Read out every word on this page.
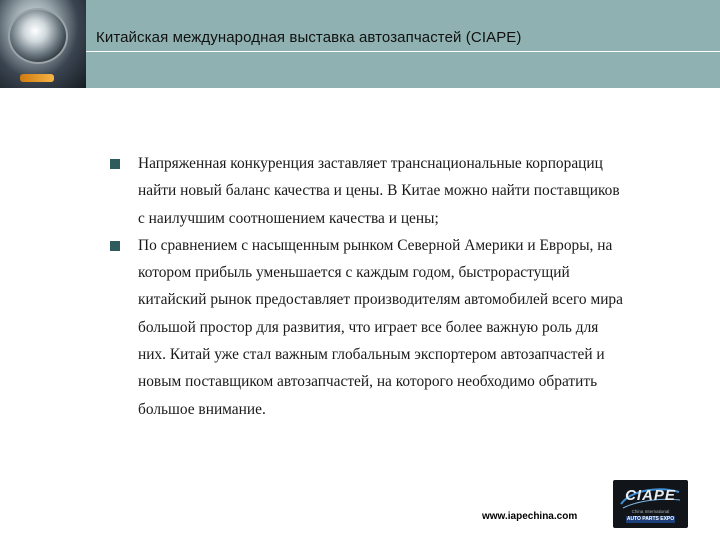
Китайская международная выставка автозапчастей (CIAPE)
Напряженная конкуренция заставляет транснациональные корпорациц найти новый баланс качества и цены. В Китае можно найти поставщиков с наилучшим соотношением качества и цены;
По сравнением с насыщенным рынком Северной Америки и Евроры, на котором прибыль уменьшается с каждым годом, быстрорастущий китайский рынок предоставляет производителям автомобилей всего мира большой простор для развития, что играет все более важную роль для них. Китай уже стал важным глобальным экспортером автозапчастей и новым поставщиком автозапчастей, на которого необходимо обратить большое внимание.
www.iapechina.com
CIAPE
China International
AUTO PARTS EXPO
